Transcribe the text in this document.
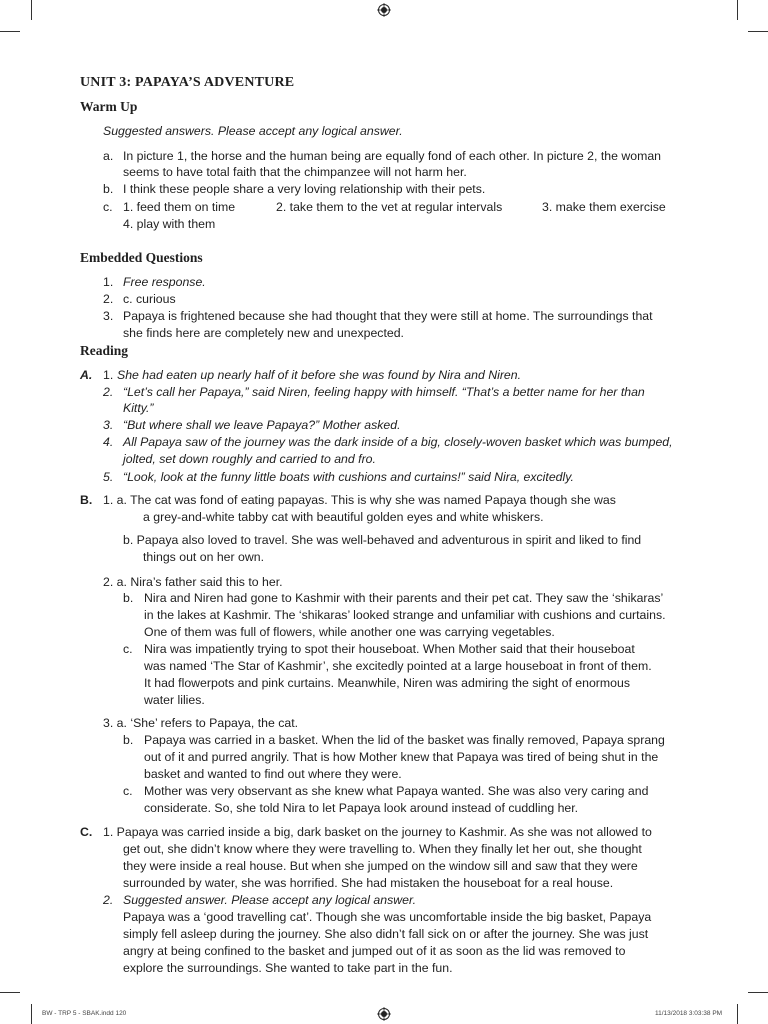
UNIT 3: PAPAYA’S ADVENTURE
Warm Up
Suggested answers. Please accept any logical answer.
a. In picture 1, the horse and the human being are equally fond of each other. In picture 2, the woman
seems to have total faith that the chimpanzee will not harm her.
b. I think these people share a very loving relationship with their pets.
c. 1. feed them on time	2. take them to the vet at regular intervals	3. make them exercise
4. play with them
Embedded Questions
1. Free response.
2. c. curious
3. Papaya is frightened because she had thought that they were still at home. The surroundings that
she finds here are completely new and unexpected.
Reading
A. 1. She had eaten up nearly half of it before she was found by Nira and Niren.
2. “Let’s call her Papaya,” said Niren, feeling happy with himself. “That’s a better name for her than
Kitty.”
3. “But where shall we leave Papaya?” Mother asked.
4. All Papaya saw of the journey was the dark inside of a big, closely-woven basket which was bumped,
jolted, set down roughly and carried to and fro.
5. “Look, look at the funny little boats with cushions and curtains!” said Nira, excitedly.
B. 1. a. The cat was fond of eating papayas. This is why she was named Papaya though she was
a grey-and-white tabby cat with beautiful golden eyes and white whiskers.
b. Papaya also loved to travel. She was well-behaved and adventurous in spirit and liked to find
things out on her own.
2. a. Nira’s father said this to her.
b. Nira and Niren had gone to Kashmir with their parents and their pet cat. They saw the ‘shikaras’
in the lakes at Kashmir. The ‘shikaras’ looked strange and unfamiliar with cushions and curtains.
One of them was full of flowers, while another one was carrying vegetables.
c. Nira was impatiently trying to spot their houseboat. When Mother said that their houseboat
was named ‘The Star of Kashmir’, she excitedly pointed at a large houseboat in front of them.
It had flowerpots and pink curtains. Meanwhile, Niren was admiring the sight of enormous
water lilies.
3. a. ‘She’ refers to Papaya, the cat.
b. Papaya was carried in a basket. When the lid of the basket was finally removed, Papaya sprang
out of it and purred angrily. That is how Mother knew that Papaya was tired of being shut in the
basket and wanted to find out where they were.
c. Mother was very observant as she knew what Papaya wanted. She was also very caring and
considerate. So, she told Nira to let Papaya look around instead of cuddling her.
C. 1. Papaya was carried inside a big, dark basket on the journey to Kashmir. As she was not allowed to
get out, she didn’t know where they were travelling to. When they finally let her out, she thought
they were inside a real house. But when she jumped on the window sill and saw that they were
surrounded by water, she was horrified. She had mistaken the houseboat for a real house.
2. Suggested answer. Please accept any logical answer.
Papaya was a ‘good travelling cat’. Though she was uncomfortable inside the big basket, Papaya
simply fell asleep during the journey. She also didn’t fall sick on or after the journey. She was just
angry at being confined to the basket and jumped out of it as soon as the lid was removed to
explore the surroundings. She wanted to take part in the fun.
BW - TRP 5 - SBAK.indd 120	11/13/2018 3:03:38 PM
